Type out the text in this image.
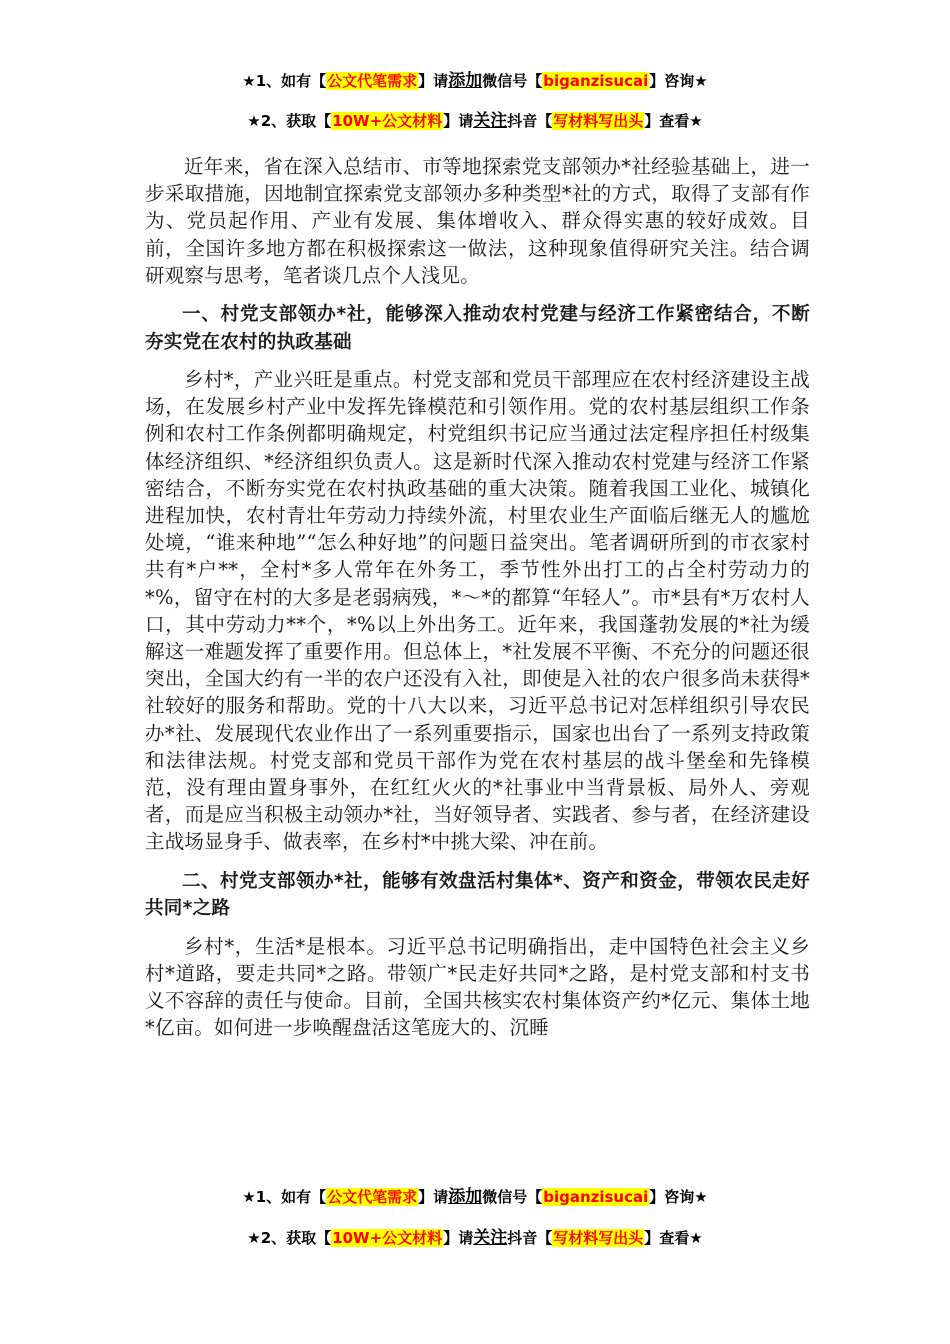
★1、如有【公文代笔需求】请添加微信号【biganzisucai】咨询★
★2、获取【10W+公文材料】请关注抖音【写材料写出头】查看★

近年来，省在深入总结市、市等地探索党支部领办*社经验基础上，进一步采取措施，因地制宜探索党支部领办多种类型*社的方式，取得了支部有作为、党员起作用、产业有发展、集体增收入、群众得实惠的较好成效。目前，全国许多地方都在积极探索这一做法，这种现象值得研究关注。结合调研观察与思考，笔者谈几点个人浅见。

一、村党支部领办*社，能够深入推动农村党建与经济工作紧密结合，不断夯实党在农村的执政基础

乡村*，产业兴旺是重点。村党支部和党员干部理应在农村经济建设主战场，在发展乡村产业中发挥先锋模范和引领作用。党的农村基层组织工作条例和农村工作条例都明确规定，村党组织书记应当通过法定程序担任村级集体经济组织、*经济组织负责人。这是新时代深入推动农村党建与经济工作紧密结合，不断夯实党在农村执政基础的重大决策。随着我国工业化、城镇化进程加快，农村青壮年劳动力持续外流，村里农业生产面临后继无人的尴尬处境，“谁来种地”“怎么种好地”的问题日益突出。笔者调研所到的市衣家村共有*户**，全村*多人常年在外务工，季节性外出打工的占全村劳动力的*%，留守在村的大多是老弱病残，*～*的都算“年轻人”。市*县有*万农村人口，其中劳动力**个，*%以上外出务工。近年来，我国蓬勃发展的*社为缓解这一难题发挥了重要作用。但总体上，*社发展不平衡、不充分的问题还很突出，全国大约有一半的农户还没有入社，即使是入社的农户很多尚未获得*社较好的服务和帮助。党的十八大以来，习近平总书记对怎样组织引导农民办*社、发展现代农业作出了一系列重要指示，国家也出台了一系列支持政策和法律法规。村党支部和党员干部作为党在农村基层的战斗堡垒和先锋模范，没有理由置身事外，在红红火火的*社事业中当背景板、局外人、旁观者，而是应当积极主动领办*社，当好领导者、实践者、参与者，在经济建设主战场显身手、做表率，在乡村*中挑大梁、冲在前。

二、村党支部领办*社，能够有效盘活村集体*、资产和资金，带领农民走好共同*之路

乡村*，生活*是根本。习近平总书记明确指出，走中国特色社会主义乡村*道路，要走共同*之路。带领广*民走好共同*之路，是村党支部和村支书义不容辞的责任与使命。目前，全国共核实农村集体资产约*亿元、集体土地*亿亩。如何进一步唤醒盘活这笔庞大的、沉睡

★1、如有【公文代笔需求】请添加微信号【biganzisucai】咨询★
★2、获取【10W+公文材料】请关注抖音【写材料写出头】查看★
